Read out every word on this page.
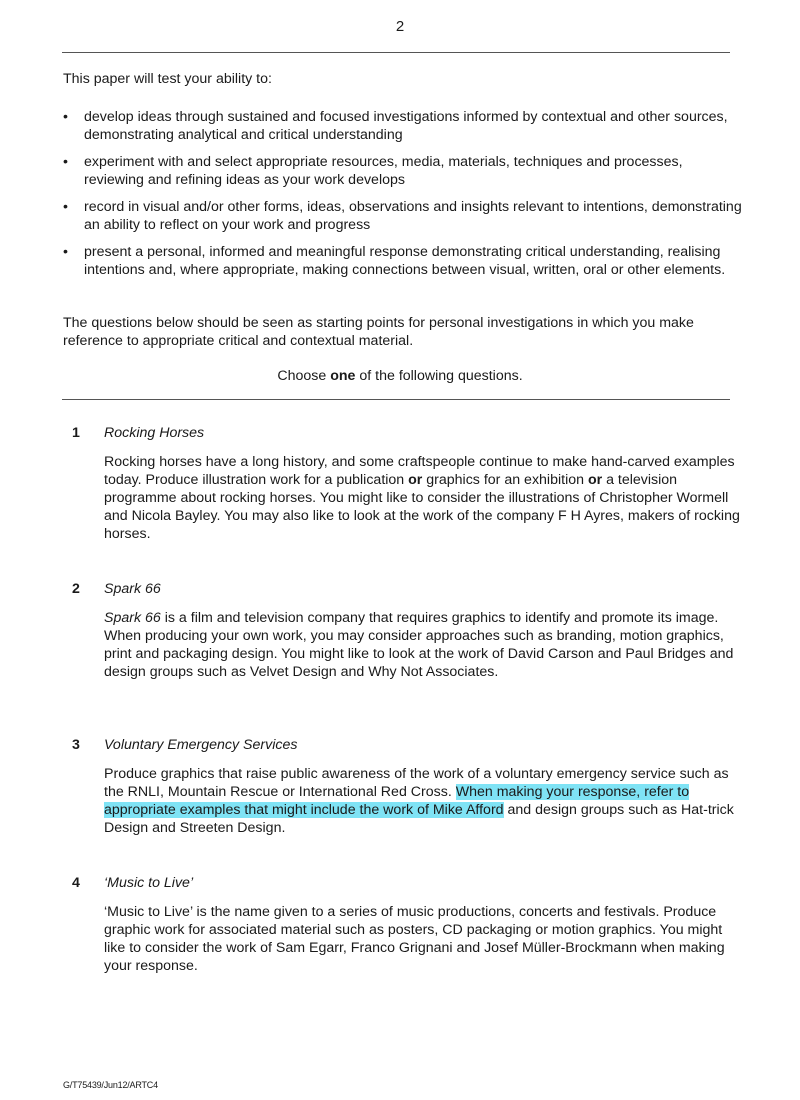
2
This paper will test your ability to:
• develop ideas through sustained and focused investigations informed by contextual and other sources, demonstrating analytical and critical understanding
• experiment with and select appropriate resources, media, materials, techniques and processes, reviewing and refining ideas as your work develops
• record in visual and/or other forms, ideas, observations and insights relevant to intentions, demonstrating an ability to reflect on your work and progress
• present a personal, informed and meaningful response demonstrating critical understanding, realising intentions and, where appropriate, making connections between visual, written, oral or other elements.
The questions below should be seen as starting points for personal investigations in which you make reference to appropriate critical and contextual material.
Choose one of the following questions.
1 Rocking Horses
Rocking horses have a long history, and some craftspeople continue to make hand-carved examples today. Produce illustration work for a publication or graphics for an exhibition or a television programme about rocking horses. You might like to consider the illustrations of Christopher Wormell and Nicola Bayley. You may also like to look at the work of the company F H Ayres, makers of rocking horses.
2 Spark 66
Spark 66 is a film and television company that requires graphics to identify and promote its image. When producing your own work, you may consider approaches such as branding, motion graphics, print and packaging design. You might like to look at the work of David Carson and Paul Bridges and design groups such as Velvet Design and Why Not Associates.
3 Voluntary Emergency Services
Produce graphics that raise public awareness of the work of a voluntary emergency service such as the RNLI, Mountain Rescue or International Red Cross. When making your response, refer to appropriate examples that might include the work of Mike Afford and design groups such as Hat-trick Design and Streeten Design.
4 ‘Music to Live’
‘Music to Live’ is the name given to a series of music productions, concerts and festivals. Produce graphic work for associated material such as posters, CD packaging or motion graphics. You might like to consider the work of Sam Egarr, Franco Grignani and Josef Müller-Brockmann when making your response.
G/T75439/Jun12/ARTC4
